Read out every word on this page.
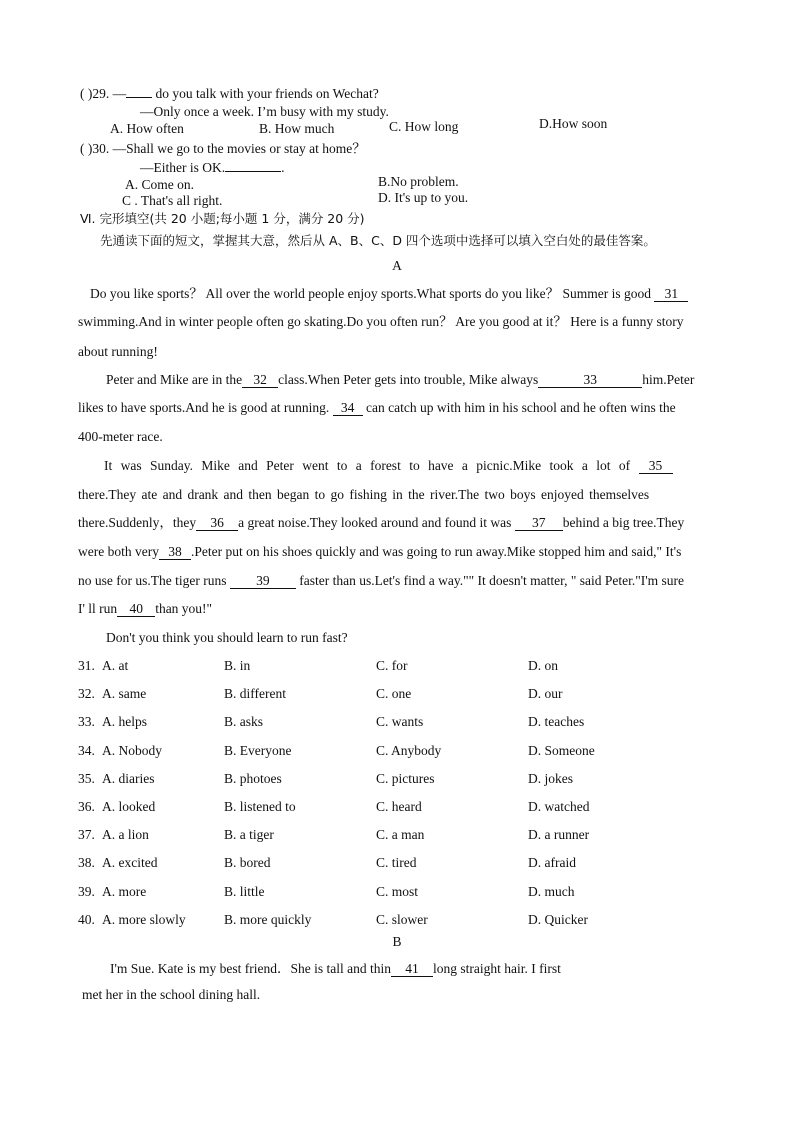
( )29. — do you talk with your friends on Wechat?
—Only once a week. I’m busy with my study.
A. How often	B. How much	C. How long	D.How soon
( )30. —Shall we go to the movies or stay at home？
—Either is OK.	.
A. Come on.	B.No problem.
C . That's all right.	D. It's up to you.
Ⅵ. 完形填空(共 20 小题;每小题 1 分，满分 20 分)
先通读下面的短文，掌握其大意，然后从 A、B、C、D 四个选项中选择可以填入空白处的最佳答案。
A
Do you like sports？ All over the world people enjoy sports.What sports do you like？ Summer is good 31
swimming.And in winter people often go skating.Do you often run？ Are you good at it？ Here is a funny story
about running!
Peter and Mike are in the 32 class.When Peter gets into trouble, Mike always	33	him.Peter
likes to have sports.And he is good at running. 34 can catch up with him in his school and he often wins the
400-meter race.
It was Sunday. Mike and Peter went to a forest to have a picnic.Mike took a lot of 35
there.They ate and drank and then began to go fishing in the river.The two boys enjoyed themselves
there.Suddenly，they 36 a great noise.They looked around and found it was 37 behind a big tree.They
were both very 38 .Peter put on his shoes quickly and was going to run away.Mike stopped him and said," It's
no use for us.The tiger runs 39 faster than us.Let's find a way."" It doesn't matter, " said Peter."I'm sure
I' ll run 40 than you!"
Don't you think you should learn to run fast?
31. A. at	B. in	C. for	D. on
32. A. same	B. different	C. one	D. our
33. A. helps	B. asks	C. wants	D. teaches
34. A. Nobody	B. Everyone	C. Anybody	D. Someone
35. A. diaries	B. photoes	C. pictures	D. jokes
36. A. looked	B. listened to	C. heard	D. watched
37. A. a lion	B. a tiger	C. a man	D. a runner
38. A. excited	B. bored	C. tired	D. afraid
39. A. more	B. little	C. most	D. much
40. A. more slowly	B. more quickly	C. slower	D. Quicker
B
I'm Sue. Kate is my best friend．She is tall and thin 41 long straight hair. I first
met her in the school dining hall.
